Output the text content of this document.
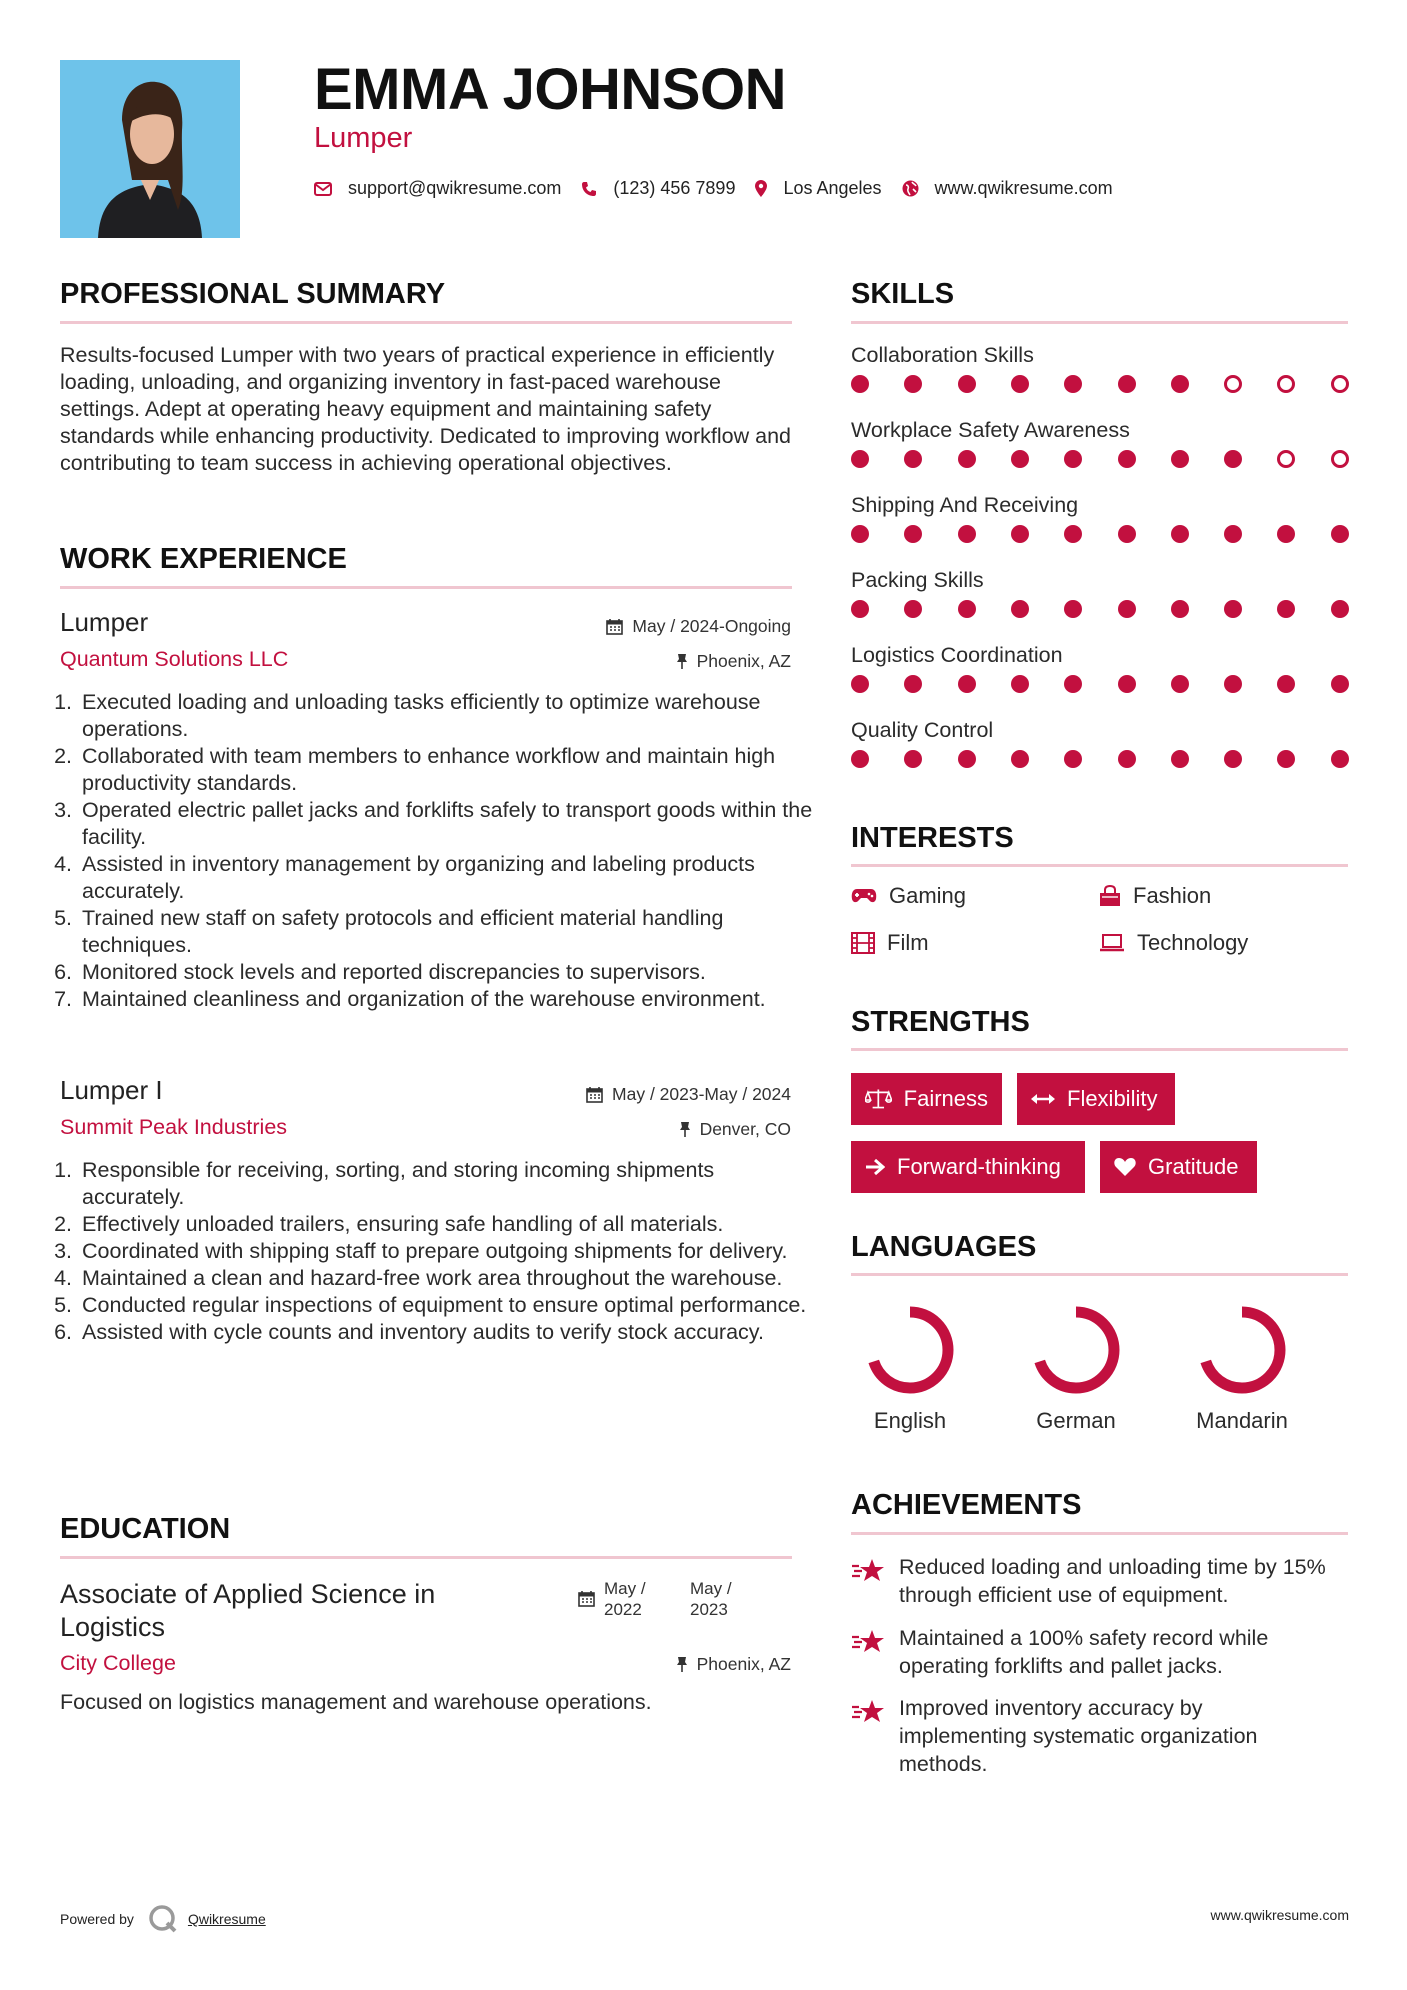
EMMA JOHNSON
Lumper
support@qwikresume.com	(123) 456 7899	Los Angeles	www.qwikresume.com
PROFESSIONAL SUMMARY
Results-focused Lumper with two years of practical experience in efficiently loading, unloading, and organizing inventory in fast-paced warehouse settings. Adept at operating heavy equipment and maintaining safety standards while enhancing productivity. Dedicated to improving workflow and contributing to team success in achieving operational objectives.
WORK EXPERIENCE
Lumper	May / 2024-Ongoing
Quantum Solutions LLC	Phoenix, AZ
1. Executed loading and unloading tasks efficiently to optimize warehouse operations.
2. Collaborated with team members to enhance workflow and maintain high productivity standards.
3. Operated electric pallet jacks and forklifts safely to transport goods within the facility.
4. Assisted in inventory management by organizing and labeling products accurately.
5. Trained new staff on safety protocols and efficient material handling techniques.
6. Monitored stock levels and reported discrepancies to supervisors.
7. Maintained cleanliness and organization of the warehouse environment.
Lumper I	May / 2023-May / 2024
Summit Peak Industries	Denver, CO
1. Responsible for receiving, sorting, and storing incoming shipments accurately.
2. Effectively unloaded trailers, ensuring safe handling of all materials.
3. Coordinated with shipping staff to prepare outgoing shipments for delivery.
4. Maintained a clean and hazard-free work area throughout the warehouse.
5. Conducted regular inspections of equipment to ensure optimal performance.
6. Assisted with cycle counts and inventory audits to verify stock accuracy.
EDUCATION
Associate of Applied Science in Logistics
May /
2022
May /
2023
City College	Phoenix, AZ
Focused on logistics management and warehouse operations.
SKILLS
Collaboration Skills
Workplace Safety Awareness
Shipping And Receiving
Packing Skills
Logistics Coordination
Quality Control
INTERESTS
Gaming	Fashion
Film	Technology
STRENGTHS
Fairness	Flexibility
Forward-thinking	Gratitude
LANGUAGES
English	German	Mandarin
ACHIEVEMENTS
Reduced loading and unloading time by 15% through efficient use of equipment.
Maintained a 100% safety record while operating forklifts and pallet jacks.
Improved inventory accuracy by implementing systematic organization methods.
Powered by	Qwikresume	www.qwikresume.com
